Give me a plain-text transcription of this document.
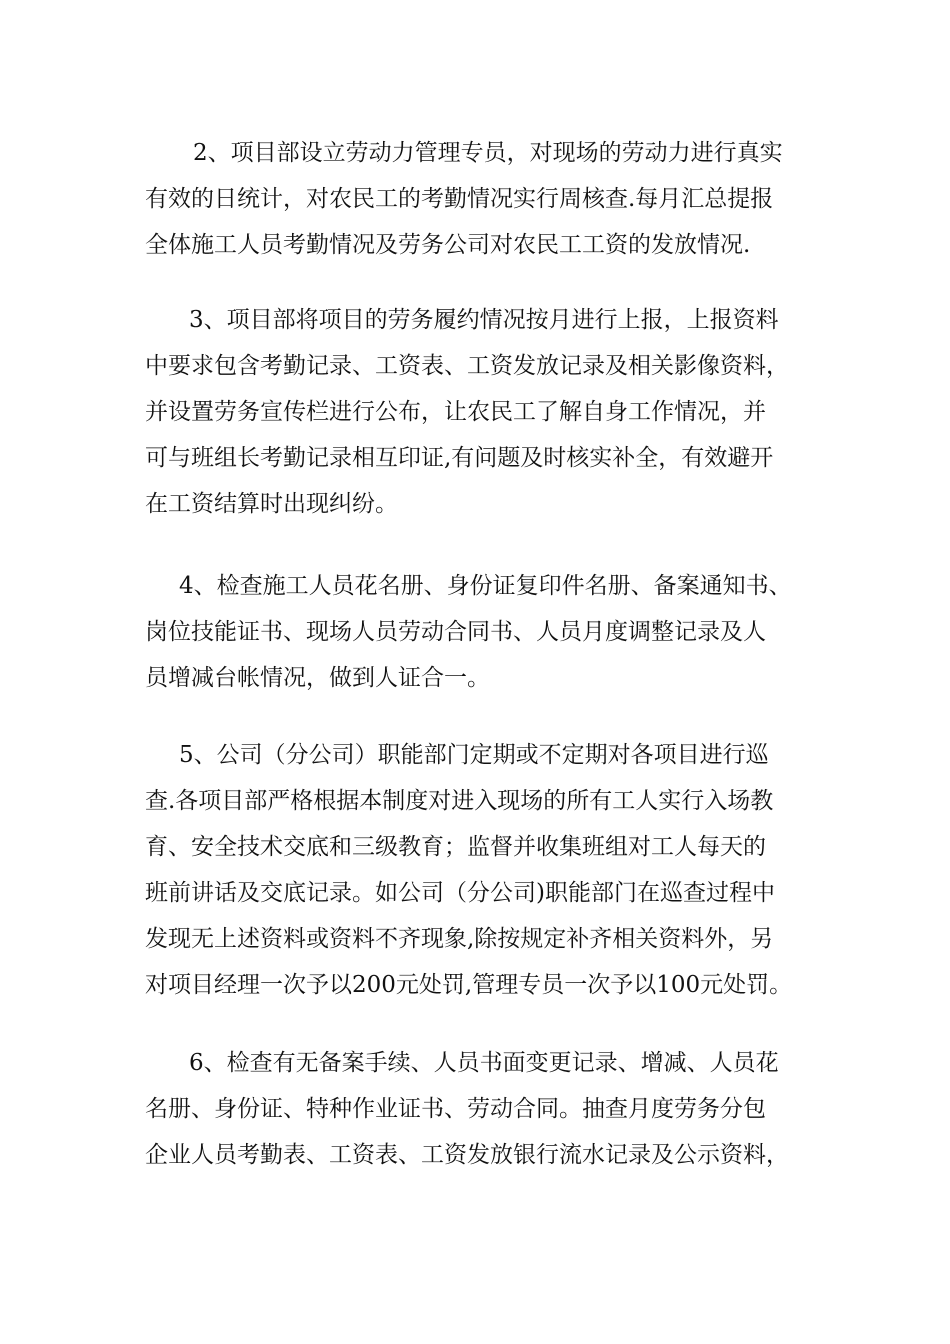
2、项目部设立劳动力管理专员，对现场的劳动力进行真实
有效的日统计，对农民工的考勤情况实行周核查.每月汇总提报
全体施工人员考勤情况及劳务公司对农民工工资的发放情况.

3、项目部将项目的劳务履约情况按月进行上报，上报资料
中要求包含考勤记录、工资表、工资发放记录及相关影像资料，
并设置劳务宣传栏进行公布，让农民工了解自身工作情况，并
可与班组长考勤记录相互印证,有问题及时核实补全，有效避开
在工资结算时出现纠纷。

4、检查施工人员花名册、身份证复印件名册、备案通知书、
岗位技能证书、现场人员劳动合同书、人员月度调整记录及人
员增减台帐情况，做到人证合一。

5、公司（分公司）职能部门定期或不定期对各项目进行巡
查.各项目部严格根据本制度对进入现场的所有工人实行入场教
育、安全技术交底和三级教育；监督并收集班组对工人每天的
班前讲话及交底记录。如公司（分公司)职能部门在巡查过程中
发现无上述资料或资料不齐现象,除按规定补齐相关资料外，另
对项目经理一次予以200元处罚,管理专员一次予以100元处罚。

6、检查有无备案手续、人员书面变更记录、增减、人员花
名册、身份证、特种作业证书、劳动合同。抽查月度劳务分包
企业人员考勤表、工资表、工资发放银行流水记录及公示资料，
